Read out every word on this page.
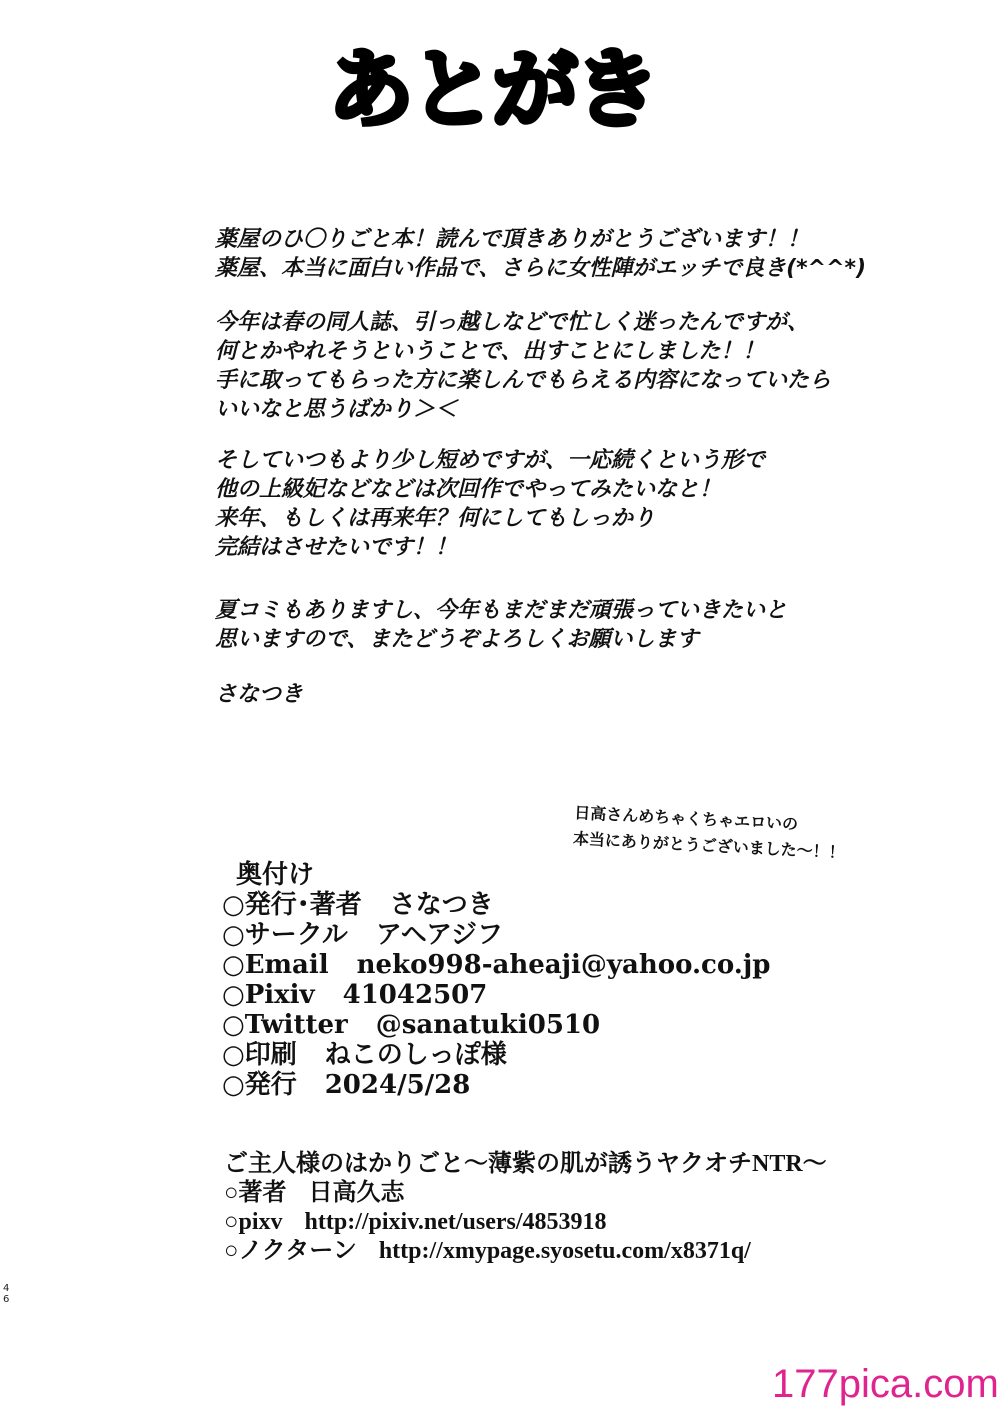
あとがき
薬屋のひ〇りごと本！読んで頂きありがとうございます！！
薬屋、本当に面白い作品で、さらに女性陣がエッチで良き(*^^*)
今年は春の同人誌、引っ越しなどで忙しく迷ったんですが、
何とかやれそうということで、出すことにしました！！
手に取ってもらった方に楽しんでもらえる内容になっていたら
いいなと思うばかり＞＜
そしていつもより少し短めですが、一応続くという形で
他の上級妃などなどは次回作でやってみたいなと！
来年、もしくは再来年？何にしてもしっかり
完結はさせたいです！！
夏コミもありますし、今年もまだまだ頑張っていきたいと
思いますので、またどうぞよろしくお願いします
さなつき
日高さんめちゃくちゃエロいの
本当にありがとうございました〜！！
奥付け
○ 発行･著者 さなつき
○ サークル アヘアジフ
○ Email neko998-aheaji@yahoo.co.jp
○ Pixiv 41042507
○ Twitter @sanatuki0510
○ 印刷 ねこのしっぽ様
○ 発行 2024/5/28
ご主人様のはかりごと〜薄紫の肌が誘うヤクオチNTR〜
○ 著者 日高久志
○ pixv http://pixiv.net/users/4853918
○ ノクターン http://xmypage.syosetu.com/x8371q/
4
6
177pica.com
